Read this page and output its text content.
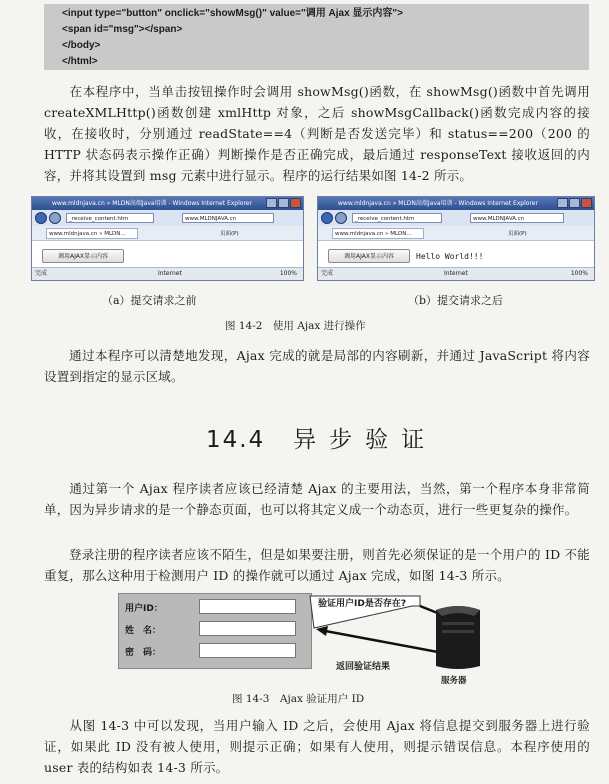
<input type="button" onclick="showMsg()" value="调用 Ajax 显示内容">
<span id="msg"></span>
</body>
</html>
在本程序中，当单击按钮操作时会调用 showMsg()函数，在 showMsg()函数中首先调用 createXMLHttp()函数创建 xmlHttp 对象，之后 showMsgCallback()函数完成内容的接收，在接收时，分别通过 readState==4（判断是否发送完毕）和 status==200（200 的 HTTP 状态码表示操作正确）判断操作是否正确完成，最后通过 responseText 接收返回的内容，并将其设置到 msg 元素中进行显示。程序的运行结果如图 14-2 所示。
www.mldnjava.cn » MLDN高端Java培训 - Windows Internet Explorer
_receive_content.htm	www.MLDNJAVA.cn
www.mldnjava.cn » MLDN...	页面(P)
调用AJAX显示内容
完成	Internet	100%
www.mldnjava.cn » MLDN高端Java培训 - Windows Internet Explorer
_receive_content.htm	www.MLDNJAVA.cn
www.mldnjava.cn » MLDN...	页面(P)
调用AJAX显示内容	Hello World!!!
完成	Internet	100%
（a）提交请求之前	（b）提交请求之后
图 14-2　使用 Ajax 进行操作
通过本程序可以清楚地发现，Ajax 完成的就是局部的内容刷新，并通过 JavaScript 将内容设置到指定的显示区域。
14.4 异步验证
通过第一个 Ajax 程序读者应该已经清楚 Ajax 的主要用法，当然，第一个程序本身非常简单，因为异步请求的是一个静态页面，也可以将其定义成一个动态页，进行一些更复杂的操作。
登录注册的程序读者应该不陌生，但是如果要注册，则首先必须保证的是一个用户的 ID 不能重复，那么这种用于检测用户 ID 的操作就可以通过 Ajax 完成，如图 14-3 所示。
用户ID：
姓　名：
密　码：
验证用户ID是否存在?
返回验证结果
服务器
图 14-3　Ajax 验证用户 ID
从图 14-3 中可以发现，当用户输入 ID 之后，会使用 Ajax 将信息提交到服务器上进行验证，如果此 ID 没有被人使用，则提示正确；如果有人使用，则提示错误信息。本程序使用的 user 表的结构如表 14-3 所示。
